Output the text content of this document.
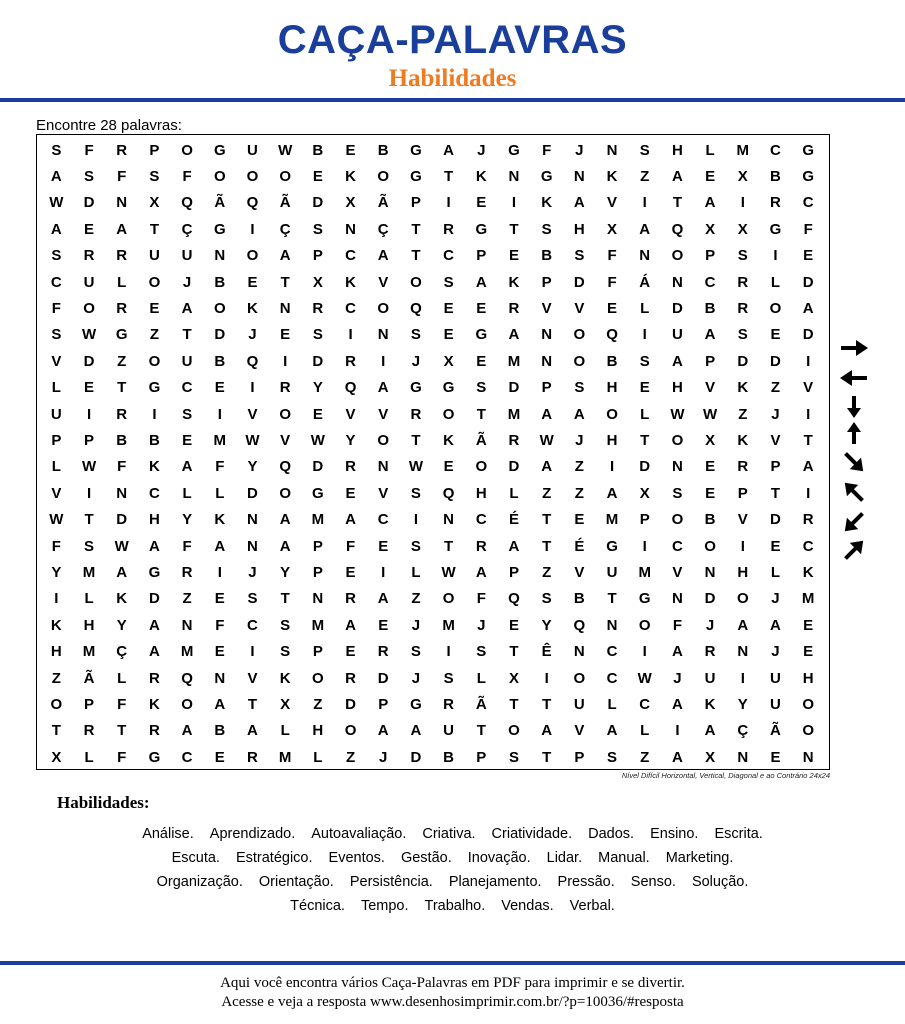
CAÇA-PALAVRAS
Habilidades
Encontre 28 palavras:
S	F	R	P	O	G	U	W	B	E	B	G	A	J	G	F	J	N	S	H	L	M	C	G
A	S	F	S	F	O	O	O	E	K	O	G	T	K	N	G	N	K	Z	A	E	X	B	G
W	D	N	X	Q	Ã	Q	Ã	D	X	Ã	P	I	E	I	K	A	V	I	T	A	I	R	C
A	E	A	T	Ç	G	I	Ç	S	N	Ç	T	R	G	T	S	H	X	A	Q	X	X	G	F
S	R	R	U	U	N	O	A	P	C	A	T	C	P	E	B	S	F	N	O	P	S	I	E
C	U	L	O	J	B	E	T	X	K	V	O	S	A	K	P	D	F	Á	N	C	R	L	D
F	O	R	E	A	O	K	N	R	C	O	Q	E	E	R	V	V	E	L	D	B	R	O	A
S	W	G	Z	T	D	J	E	S	I	N	S	E	G	A	N	O	Q	I	U	A	S	E	D
V	D	Z	O	U	B	Q	I	D	R	I	J	X	E	M	N	O	B	S	A	P	D	D	I
L	E	T	G	C	E	I	R	Y	Q	A	G	G	S	D	P	S	H	E	H	V	K	Z	V
U	I	R	I	S	I	V	O	E	V	V	R	O	T	M	A	A	O	L	W	W	Z	J	I
P	P	B	B	E	M	W	V	W	Y	O	T	K	Ã	R	W	J	H	T	O	X	K	V	T
L	W	F	K	A	F	Y	Q	D	R	N	W	E	O	D	A	Z	I	D	N	E	R	P	A
V	I	N	C	L	L	D	O	G	E	V	S	Q	H	L	Z	Z	A	X	S	E	P	T	I
W	T	D	H	Y	K	N	A	M	A	C	I	N	C	É	T	E	M	P	O	B	V	D	R
F	S	W	A	F	A	N	A	P	F	E	S	T	R	A	T	É	G	I	C	O	I	E	C
Y	M	A	G	R	I	J	Y	P	E	I	L	W	A	P	Z	V	U	M	V	N	H	L	K
I	L	K	D	Z	E	S	T	N	R	A	Z	O	F	Q	S	B	T	G	N	D	O	J	M
K	H	Y	A	N	F	C	S	M	A	E	J	M	J	E	Y	Q	N	O	F	J	A	A	E
H	M	Ç	A	M	E	I	S	P	E	R	S	I	S	T	Ê	N	C	I	A	R	N	J	E
Z	Ã	L	R	Q	N	V	K	O	R	D	J	S	L	X	I	O	C	W	J	U	I	U	H
O	P	F	K	O	A	T	X	Z	D	P	G	R	Ã	T	T	U	L	C	A	K	Y	U	O
T	R	T	R	A	B	A	L	H	O	A	A	U	T	O	A	V	A	L	I	A	Ç	Ã	O
X	L	F	G	C	E	R	M	L	Z	J	D	B	P	S	T	P	S	Z	A	X	N	E	N
Nível Difícil Horizontal, Vertical, Diagonal e ao Contrário 24x24
Habilidades:
Análise. Aprendizado. Autoavaliação. Criativa. Criatividade. Dados. Ensino. Escrita.
Escuta. Estratégico. Eventos. Gestão. Inovação. Lidar. Manual. Marketing.
Organização. Orientação. Persistência. Planejamento. Pressão. Senso. Solução.
Técnica. Tempo. Trabalho. Vendas. Verbal.
Aqui você encontra vários Caça-Palavras em PDF para imprimir e se divertir.
Acesse e veja a resposta www.desenhosimprimir.com.br/?p=10036/#resposta
